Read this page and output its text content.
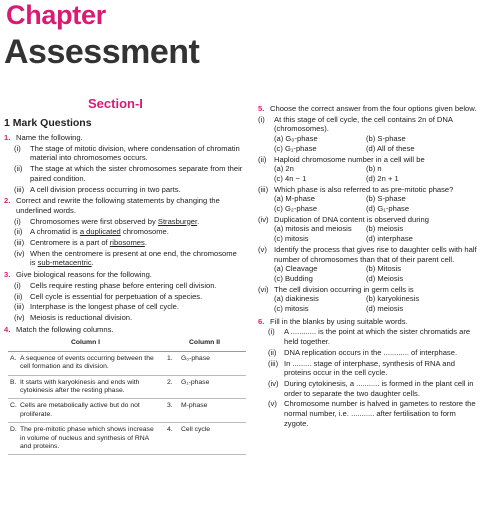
Chapter
Assessment
Section-I
1 Mark Questions
1. Name the following.
(i) The stage of mitotic division, where condensation of chromatin material into chromosomes occurs.
(ii) The stage at which the sister chromosomes separate from their paired condition.
(iii) A cell division process occurring in two parts.
2. Correct and rewrite the following statements by changing the underlined words.
(i) Chromosomes were first observed by Strasburger.
(ii) A chromatid is a duplicated chromosome.
(iii) Centromere is a part of ribosomes.
(iv) When the centromere is present at one end, the chromosome is sub-metacentric.
3. Give biological reasons for the following.
(i) Cells require resting phase before entering cell division.
(ii) Cell cycle is essential for perpetuation of a species.
(iii) Interphase is the longest phase of cell cycle.
(iv) Meiosis is reductional division.
4. Match the following columns.
Column I	Column II

A. A sequence of events occurring between the cell formation and its division.	1. G₀-phase

B. It starts with karyokinesis and ends with cytokinesis after the resting phase.	2. G₁-phase

C. Cells are metabolically active but do not proliferate.	3. M-phase

D. The pre-mitotic phase which shows increase in volume of nucleus and synthesis of RNA and proteins.	4. Cell cycle
5. Choose the correct answer from the four options given below.
(i) At this stage of cell cycle, the cell contains 2n of DNA (chromosomes).
(a) G₀-phase	(b) S-phase
(c) G₁-phase	(d) All of these
(ii) Haploid chromosome number in a cell will be
(a) 2n	(b) n
(c) 4n − 1	(d) 2n + 1
(iii) Which phase is also referred to as pre-mitotic phase?
(a) M-phase	(b) S-phase
(c) G₂-phase	(d) G₁-phase
(iv) Duplication of DNA content is observed during
(a) mitosis and meiosis	(b) meiosis
(c) mitosis	(d) interphase
(v) Identify the process that gives rise to daughter cells with half number of chromosomes than that of their parent cell.
(a) Cleavage	(b) Mitosis
(c) Budding	(d) Meiosis
(vi) The cell division occurring in germ cells is
(a) diakinesis	(b) karyokinesis
(c) mitosis	(d) meiosis
6. Fill in the blanks by using suitable words.
(i) A ............ is the point at which the sister chromatids are held together.
(ii) DNA replication occurs in the ............ of interphase.
(iii) In ......... stage of interphase, synthesis of RNA and proteins occur in the cell cycle.
(iv) During cytokinesis, a ........... is formed in the plant cell in order to separate the two daughter cells.
(v) Chromosome number is halved in gametes to restore the normal number, i.e. ........... after fertilisation to form zygote.
